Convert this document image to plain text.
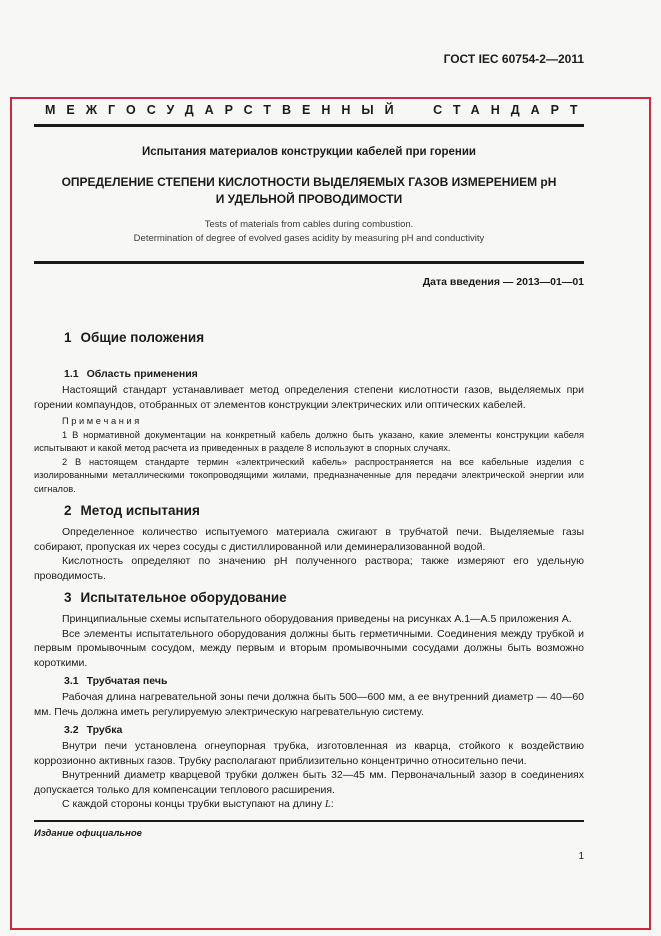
ГОСТ IEC 60754-2—2011
МЕЖГОСУДАРСТВЕННЫЙ СТАНДАРТ
Испытания материалов конструкции кабелей при горении
ОПРЕДЕЛЕНИЕ СТЕПЕНИ КИСЛОТНОСТИ ВЫДЕЛЯЕМЫХ ГАЗОВ ИЗМЕРЕНИЕМ pH
И УДЕЛЬНОЙ ПРОВОДИМОСТИ
Tests of materials from cables during combustion.
Determination of degree of evolved gases acidity by measuring pH and conductivity
Дата введения — 2013—01—01
1 Общие положения
1.1 Область применения

Настоящий стандарт устанавливает метод определения степени кислотности газов, выделяемых при горении компаундов, отобранных от элементов конструкции электрических или оптических кабелей.

П р и м е ч а н и я

1 В нормативной документации на конкретный кабель должно быть указано, какие элементы конструкции кабеля испытывают и какой метод расчета из приведенных в разделе 8 используют в спорных случаях.

2 В настоящем стандарте термин «электрический кабель» распространяется на все кабельные изделия с изолированными металлическими токопроводящими жилами, предназначенные для передачи электрической энергии или сигналов.

2 Метод испытания

Определенное количество испытуемого материала сжигают в трубчатой печи. Выделяемые газы собирают, пропуская их через сосуды с дистиллированной или деминерализованной водой.

Кислотность определяют по значению pH полученного раствора; также измеряют его удельную проводимость.

3 Испытательное оборудование

Принципиальные схемы испытательного оборудования приведены на рисунках А.1—А.5 приложения А.

Все элементы испытательного оборудования должны быть герметичными. Соединения между трубкой и первым промывочным сосудом, между первым и вторым промывочными сосудами должны быть возможно короткими.

3.1 Трубчатая печь

Рабочая длина нагревательной зоны печи должна быть 500—600 мм, а ее внутренний диаметр — 40—60 мм. Печь должна иметь регулируемую электрическую нагревательную систему.

3.2 Трубка

Внутри печи установлена огнеупорная трубка, изготовленная из кварца, стойкого к воздействию коррозионно активных газов. Трубку располагают приблизительно концентрично относительно печи.

Внутренний диаметр кварцевой трубки должен быть 32—45 мм. Первоначальный зазор в соединениях допускается только для компенсации теплового расширения.

С каждой стороны концы трубки выступают на длину L:

Издание официальное
1
